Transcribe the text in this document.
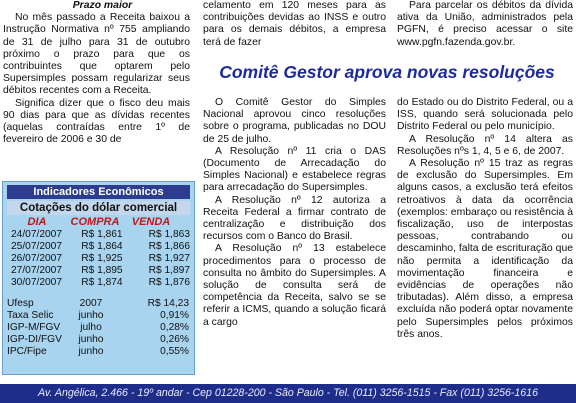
Prazo maior

No mês passado a Receita baixou a Instrução Normativa nº 755 ampliando de 31 de julho para 31 de outubro próximo o prazo para que os contribuintes que optarem pelo Supersimples possam regularizar seus débitos recentes com a Receita.

Significa dizer que o fisco deu mais 90 dias para que as dívidas recentes (aquelas contraídas entre 1º de fevereiro de 2006 e 30 de

celamento em 120 meses para as contribuições devidas ao INSS e outro para os demais débitos, a empresa terá de fazer

Para parcelar os débitos da dívida ativa da União, administrados pela PGFN, é preciso acessar o site www.pgfn.fazenda.gov.br.

Comitê Gestor aprova novas resoluções

O Comitê Gestor do Simples Nacional aprovou cinco resoluções sobre o programa, publicadas no DOU de 25 de julho.

A Resolução nº 11 cria o DAS (Documento de Arrecadação do Simples Nacional) e estabelece regras para arrecadação do Supersimples.

A Resolução nº 12 autoriza a Receita Federal a firmar contrato de centralização e distribuição dos recursos com o Banco do Brasil.

A Resolução nº 13 estabelece procedimentos para o processo de consulta no âmbito do Supersimples. A solução de consulta será de competência da Receita, salvo se se referir a ICMS, quando a solução ficará a cargo

do Estado ou do Distrito Federal, ou a ISS, quando será solucionada pelo Distrito Federal ou pelo município.

A Resolução nº 14 altera as Resoluções nºs 1, 4, 5 e 6, de 2007.

A Resolução nº 15 traz as regras de exclusão do Supersimples. Em alguns casos, a exclusão terá efeitos retroativos à data da ocorrência (exemplos: embaraço ou resistência à fiscalização, uso de interpostas pessoas, contrabando ou descaminho, falta de escrituração que não permita a identificação da movimentação financeira e evidências de operações não tributadas). Além disso, a empresa excluída não poderá optar novamente pelo Supersimples pelos próximos três anos.

Indicadores Econômicos
Cotações do dólar comercial
DIA	COMPRA	VENDA
24/07/2007	R$ 1,861	R$ 1,863
25/07/2007	R$ 1,864	R$ 1,866
26/07/2007	R$ 1,925	R$ 1,927
27/07/2007	R$ 1,895	R$ 1,897
30/07/2007	R$ 1,874	R$ 1,876
Ufesp	2007	R$ 14,23
Taxa Selic	junho	0,91%
IGP-M/FGV	julho	0,28%
IGP-DI/FGV	junho	0,26%
IPC/Fipe	junho	0,55%
Av. Angélica, 2.466 - 19º andar - Cep 01228-200 - São Paulo - Tel. (011) 3256-1515 - Fax (011) 3256-1616
